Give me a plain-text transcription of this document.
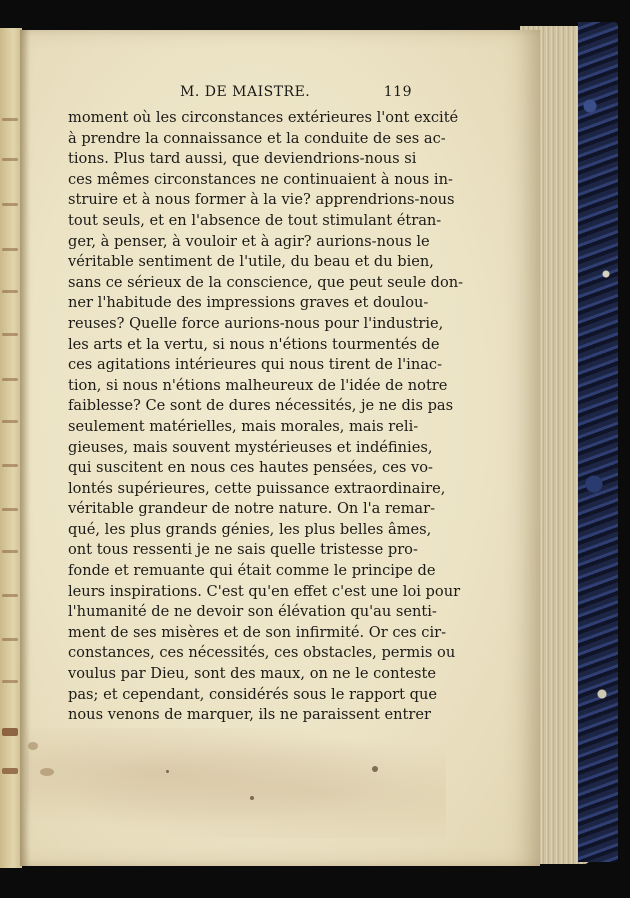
M. DE MAISTRE.	119
moment où les circonstances extérieures l'ont excité
à prendre la connaissance et la conduite de ses ac-
tions. Plus tard aussi, que deviendrions-nous si
ces mêmes circonstances ne continuaient à nous in-
struire et à nous former à la vie? apprendrions-nous
tout seuls, et en l'absence de tout stimulant étran-
ger, à penser, à vouloir et à agir? aurions-nous le
véritable sentiment de l'utile, du beau et du bien,
sans ce sérieux de la conscience, que peut seule don-
ner l'habitude des impressions graves et doulou-
reuses? Quelle force aurions-nous pour l'industrie,
les arts et la vertu, si nous n'étions tourmentés de
ces agitations intérieures qui nous tirent de l'inac-
tion, si nous n'étions malheureux de l'idée de notre
faiblesse? Ce sont de dures nécessités, je ne dis pas
seulement matérielles, mais morales, mais reli-
gieuses, mais souvent mystérieuses et indéfinies,
qui suscitent en nous ces hautes pensées, ces vo-
lontés supérieures, cette puissance extraordinaire,
véritable grandeur de notre nature. On l'a remar-
qué, les plus grands génies, les plus belles âmes,
ont tous ressenti je ne sais quelle tristesse pro-
fonde et remuante qui était comme le principe de
leurs inspirations. C'est qu'en effet c'est une loi pour
l'humanité de ne devoir son élévation qu'au senti-
ment de ses misères et de son infirmité. Or ces cir-
constances, ces nécessités, ces obstacles, permis ou
voulus par Dieu, sont des maux, on ne le conteste
pas; et cependant, considérés sous le rapport que
nous venons de marquer, ils ne paraissent entrer
